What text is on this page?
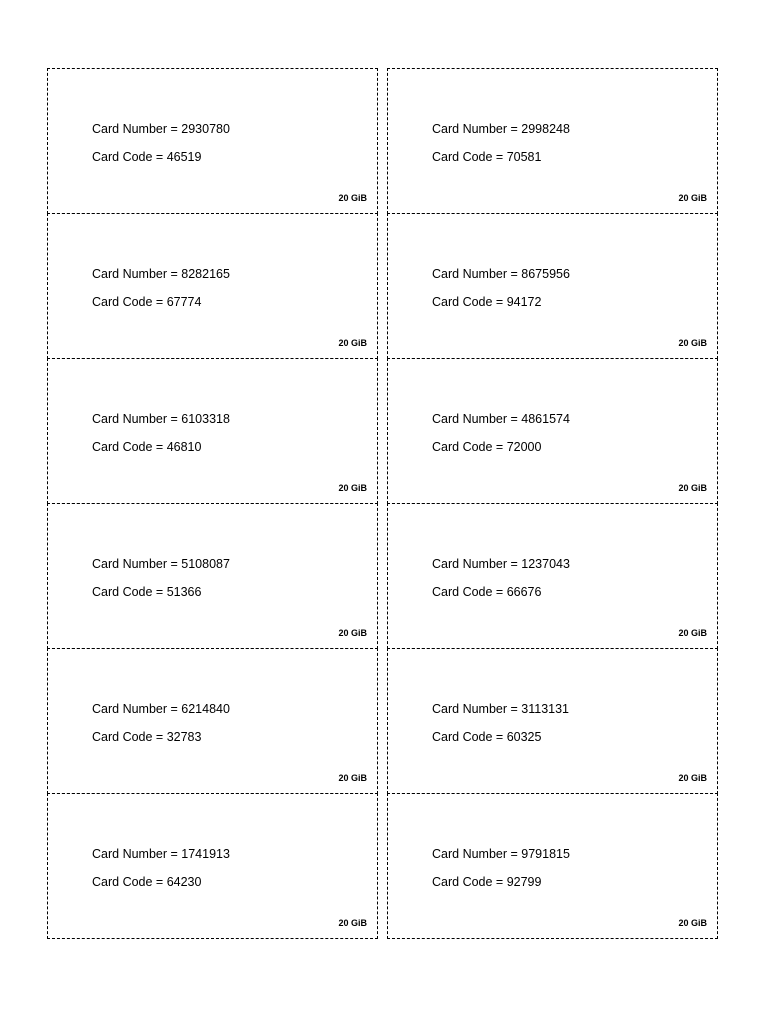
Card Number = 2930780
Card Code = 46519
20 GiB
Card Number = 8282165
Card Code = 67774
20 GiB
Card Number = 6103318
Card Code = 46810
20 GiB
Card Number = 5108087
Card Code = 51366
20 GiB
Card Number = 6214840
Card Code = 32783
20 GiB
Card Number = 1741913
Card Code = 64230
20 GiB
Card Number = 2998248
Card Code = 70581
20 GiB
Card Number = 8675956
Card Code = 94172
20 GiB
Card Number = 4861574
Card Code = 72000
20 GiB
Card Number = 1237043
Card Code = 66676
20 GiB
Card Number = 3113131
Card Code = 60325
20 GiB
Card Number = 9791815
Card Code = 92799
20 GiB
